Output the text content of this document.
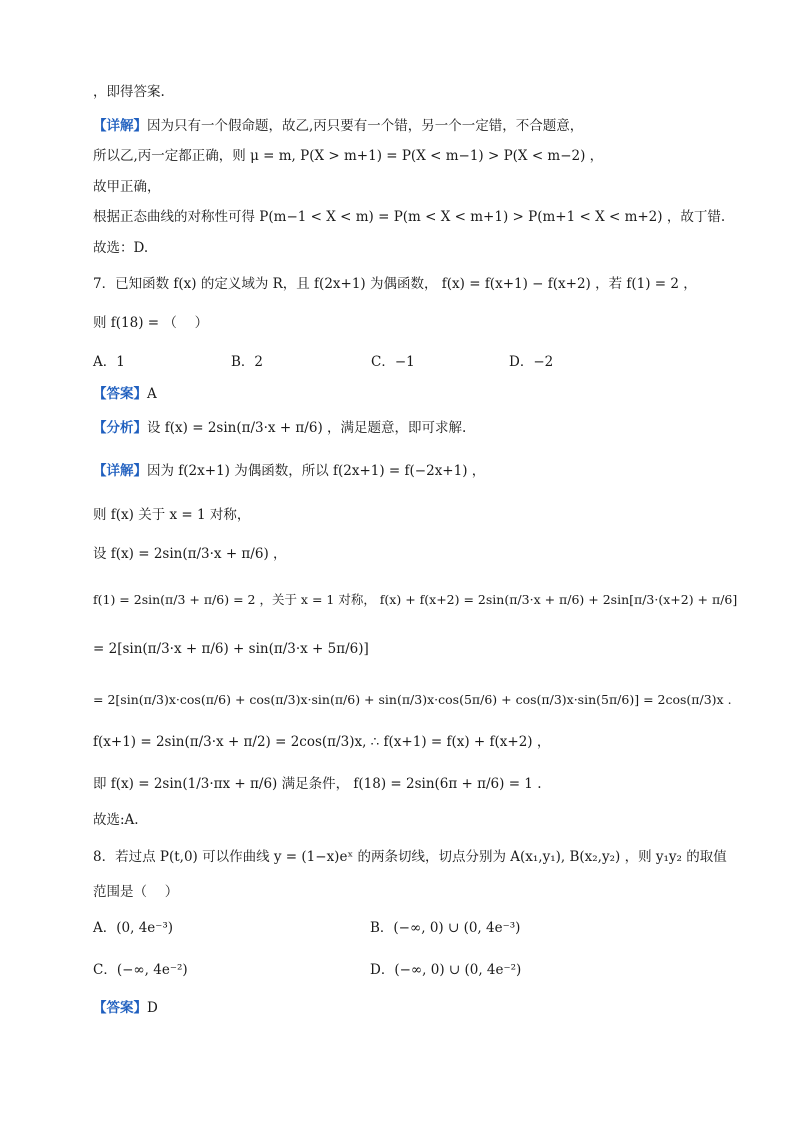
，即得答案.
【详解】因为只有一个假命题，故乙,丙只要有一个错，另一个一定错，不合题意，
所以乙,丙一定都正确，则 μ = m, P(X > m+1) = P(X < m−1) > P(X < m−2) ，
故甲正确，
根据正态曲线的对称性可得 P(m−1 < X < m) = P(m < X < m+1) > P(m+1 < X < m+2) ，故丁错.
故选：D.
7．已知函数 f(x) 的定义域为 R，且 f(2x+1) 为偶函数， f(x) = f(x+1) − f(x+2) ，若 f(1) = 2 ，
则 f(18) = （　 ）
A．1	B．2	C．−1	D．−2
【答案】A
【分析】设 f(x) = 2sin(π/3·x + π/6) ，满足题意，即可求解.
【详解】因为 f(2x+1) 为偶函数，所以 f(2x+1) = f(−2x+1) ，
则 f(x) 关于 x = 1 对称，
设 f(x) = 2sin(π/3·x + π/6) ，
f(1) = 2sin(π/3 + π/6) = 2 ，关于 x = 1 对称， f(x) + f(x+2) = 2sin(π/3·x + π/6) + 2sin[π/3·(x+2) + π/6]
= 2[sin(π/3·x + π/6) + sin(π/3·x + 5π/6)]
= 2[sin(π/3)x·cos(π/6) + cos(π/3)x·sin(π/6) + sin(π/3)x·cos(5π/6) + cos(π/3)x·sin(5π/6)] = 2cos(π/3)x .
f(x+1) = 2sin(π/3·x + π/2) = 2cos(π/3)x, ∴ f(x+1) = f(x) + f(x+2) ，
即 f(x) = 2sin(1/3·πx + π/6) 满足条件， f(18) = 2sin(6π + π/6) = 1 .
故选:A.
8．若过点 P(t,0) 可以作曲线 y = (1−x)eˣ 的两条切线，切点分别为 A(x₁,y₁), B(x₂,y₂) ，则 y₁y₂ 的取值
范围是（　 ）
A．(0, 4e⁻³)	B．(−∞, 0) ∪ (0, 4e⁻³)
C．(−∞, 4e⁻²)	D．(−∞, 0) ∪ (0, 4e⁻²)
【答案】D
